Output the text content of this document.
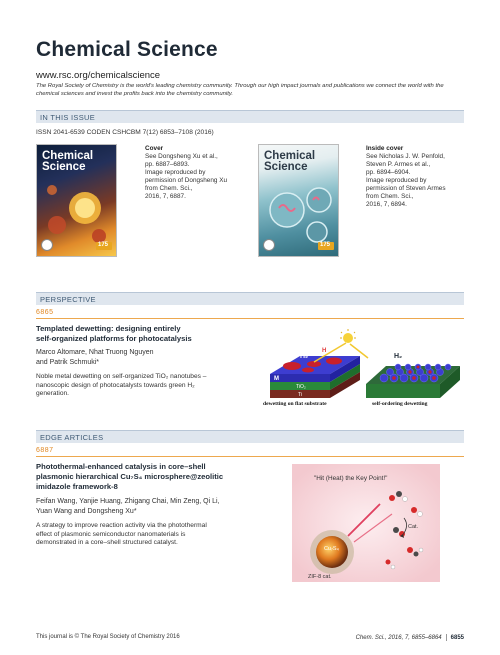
Chemical Science
www.rsc.org/chemicalscience
The Royal Society of Chemistry is the world's leading chemistry community. Through our high impact journals and publications we connect the world with the chemical sciences and invest the profits back into the chemistry community.
IN THIS ISSUE
ISSN 2041-6539 CODEN CSHCBM 7(12) 6853–7108 (2016)
Chemical Science
175
Cover
See Dongsheng Xu et al.,
pp. 6887–6893.
Image reproduced by
permission of Dongsheng Xu
from Chem. Sci.,
2016, 7, 6887.
Chemical Science
175
Inside cover
See Nicholas J. W. Penfold,
Steven P. Armes et al.,
pp. 6894–6904.
Image reproduced by
permission of Steven Armes
from Chem. Sci.,
2016, 7, 6894.
PERSPECTIVE
6865
Templated dewetting: designing entirely
self-organized platforms for photocatalysis
Marco Altomare, Nhat Truong Nguyen
and Patrik Schmuki*
Noble metal dewetting on self-organized TiO₂ nanotubes –
nanoscopic design of photocatalysts towards green H₂
generation.
H₂
H
M
TiO₂
Ti
H₂
dewetting on flat substrate	self-ordering dewetting
EDGE ARTICLES
6887
Photothermal-enhanced catalysis in core–shell
plasmonic hierarchical Cu₇S₄ microsphere@zeolitic
imidazole framework-8
Feifan Wang, Yanjie Huang, Zhigang Chai, Min Zeng, Qi Li,
Yuan Wang and Dongsheng Xu*
A strategy to improve reaction activity via the photothermal
effect of plasmonic semiconductor nanomaterials is
demonstrated in a core–shell structured catalyst.
"Hit (Heat) the Key Point!"
Cu₇S₄
ZIF-8 cat.
Cat.
This journal is © The Royal Society of Chemistry 2016	Chem. Sci., 2016, 7, 6855–6864 6855
